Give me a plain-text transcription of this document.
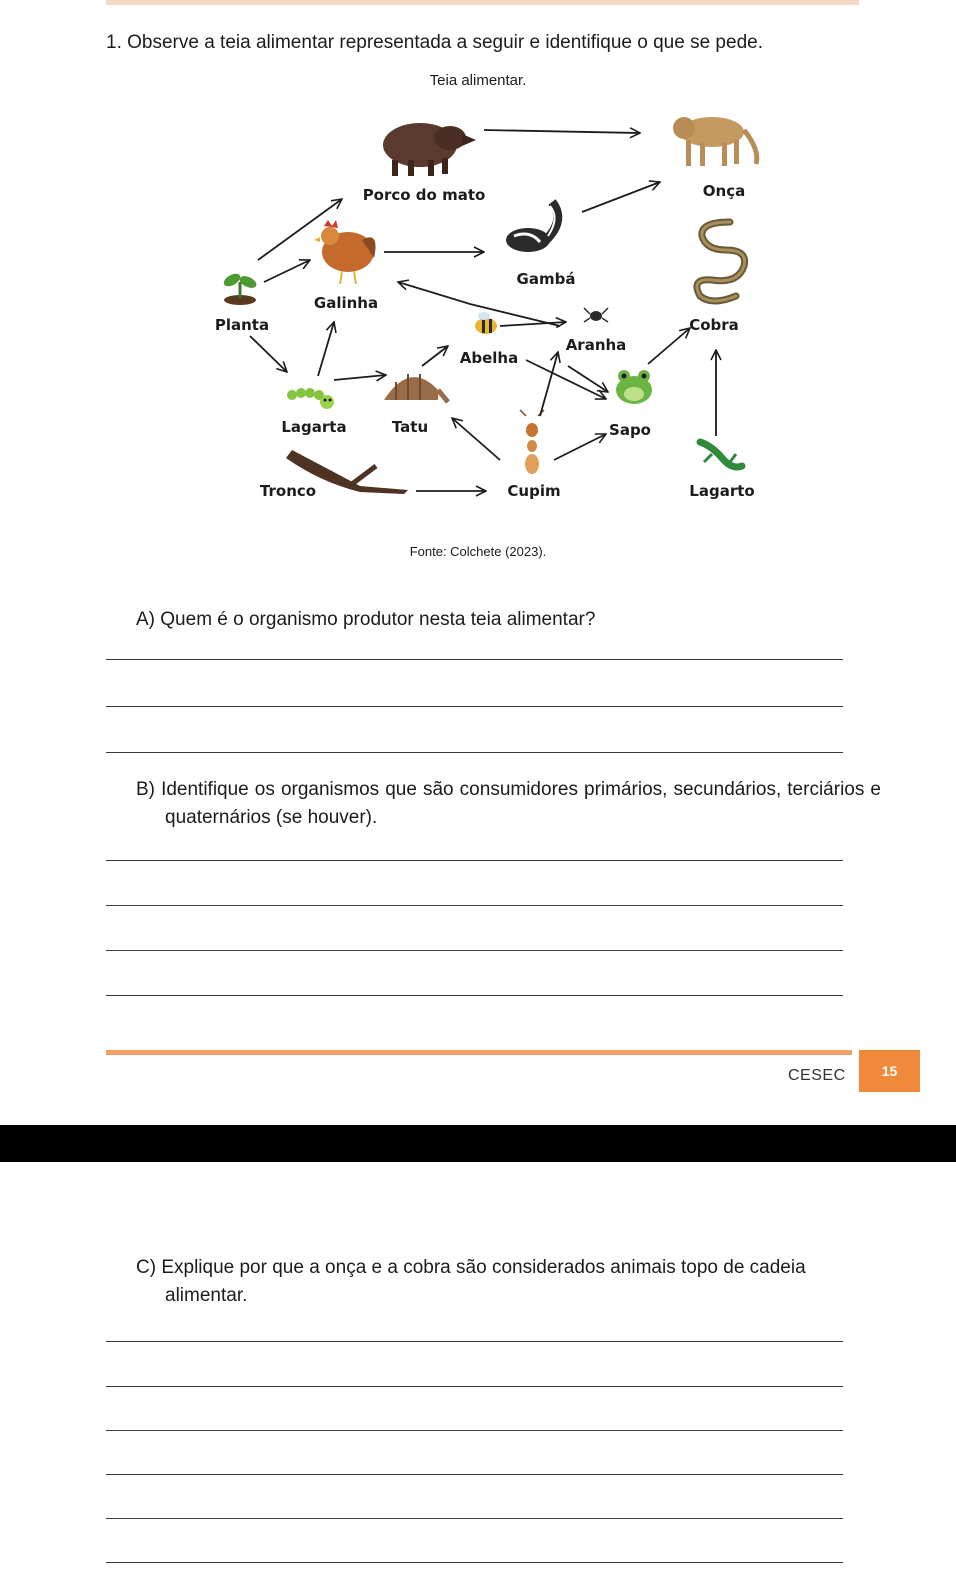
1. Observe a teia alimentar representada a seguir e identifique o que se pede.
Teia alimentar.
Porco do mato	Onça
Gambá
Galinha
Planta	Cobra
Aranha
Abelha
Lagarta	Tatu	Sapo
Tronco	Cupim	Lagarto
Fonte: Colchete (2023).
A) Quem é o organismo produtor nesta teia alimentar?
B) Identifique os organismos que são consumidores primários, secundários, terciários e quaternários (se houver).
CESEC	15
C) Explique por que a onça e a cobra são considerados animais topo de cadeia alimentar.
